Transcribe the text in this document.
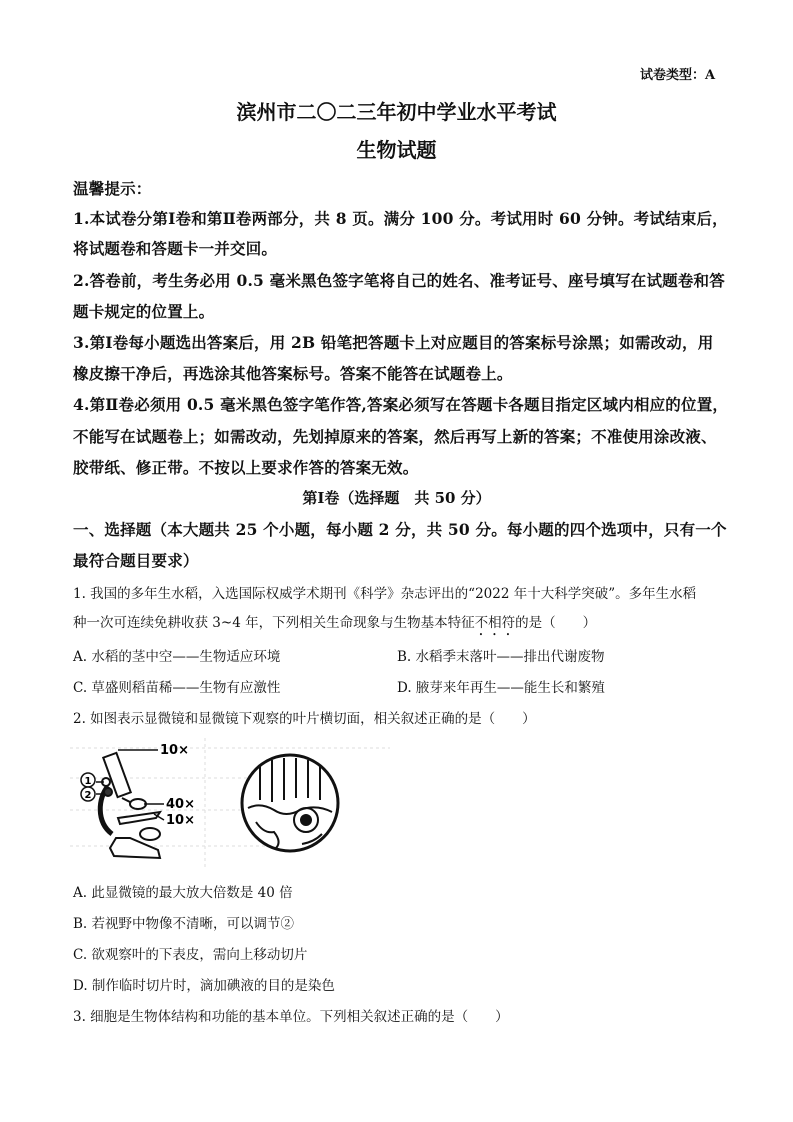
试卷类型：A
滨州市二〇二三年初中学业水平考试
生物试题
温馨提示：
1.本试卷分第Ⅰ卷和第Ⅱ卷两部分，共 8 页。满分 100 分。考试用时 60 分钟。考试结束后，
将试题卷和答题卡一并交回。
2.答卷前，考生务必用 0.5 毫米黑色签字笔将自己的姓名、准考证号、座号填写在试题卷和答
题卡规定的位置上。
3.第Ⅰ卷每小题选出答案后，用 2B 铅笔把答题卡上对应题目的答案标号涂黑；如需改动，用
橡皮擦干净后，再选涂其他答案标号。答案不能答在试题卷上。
4.第Ⅱ卷必须用 0.5 毫米黑色签字笔作答,答案必须写在答题卡各题目指定区域内相应的位置，
不能写在试题卷上；如需改动，先划掉原来的答案，然后再写上新的答案；不准使用涂改液、
胶带纸、修正带。不按以上要求作答的答案无效。
第Ⅰ卷（选择题　共 50 分）
一、选择题（本大题共 25 个小题，每小题 2 分，共 50 分。每小题的四个选项中，只有一个
最符合题目要求）
1. 我国的多年生水稻，入选国际权威学术期刊《科学》杂志评出的“2022 年十大科学突破”。多年生水稻
种一次可连续免耕收获 3~4 年，下列相关生命现象与生物基本特征不相符的是（　　）
A. 水稻的茎中空——生物适应环境	B. 水稻季末落叶——排出代谢废物
C. 草盛则稻苗稀——生物有应激性	D. 腋芽来年再生——能生长和繁殖
2. 如图表示显微镜和显微镜下观察的叶片横切面，相关叙述正确的是（　　）
1
2
10×
40×
10×
A. 此显微镜的最大放大倍数是 40 倍
B. 若视野中物像不清晰，可以调节②
C. 欲观察叶的下表皮，需向上移动切片
D. 制作临时切片时，滴加碘液的目的是染色
3. 细胞是生物体结构和功能的基本单位。下列相关叙述正确的是（　　）
